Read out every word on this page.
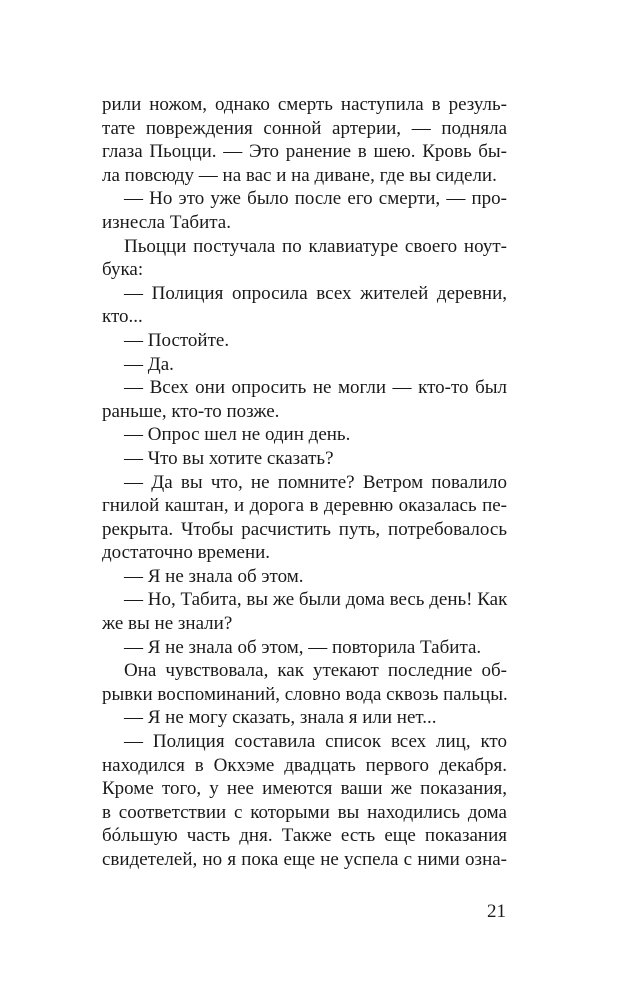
рили ножом, однако смерть наступила в резуль-
тате повреждения сонной артерии, — подняла
глаза Пьоцци. — Это ранение в шею. Кровь бы-
ла повсюду — на вас и на диване, где вы сидели.
— Но это уже было после его смерти, — про-
изнесла Табита.
Пьоцци постучала по клавиатуре своего ноут-
бука:
— Полиция опросила всех жителей деревни,
кто...
— Постойте.
— Да.
— Всех они опросить не могли — кто-то был
раньше, кто-то позже.
— Опрос шел не один день.
— Что вы хотите сказать?
— Да вы что, не помните? Ветром повалило
гнилой каштан, и дорога в деревню оказалась пе-
рекрыта. Чтобы расчистить путь, потребовалось
достаточно времени.
— Я не знала об этом.
— Но, Табита, вы же были дома весь день! Как
же вы не знали?
— Я не знала об этом, — повторила Табита.
Она чувствовала, как утекают последние об-
рывки воспоминаний, словно вода сквозь пальцы.
— Я не могу сказать, знала я или нет...
— Полиция составила список всех лиц, кто
находился в Окхэме двадцать первого декабря.
Кроме того, у нее имеются ваши же показания,
в соответствии с которыми вы находились дома
бóльшую часть дня. Также есть еще показания
свидетелей, но я пока еще не успела с ними озна-
21
